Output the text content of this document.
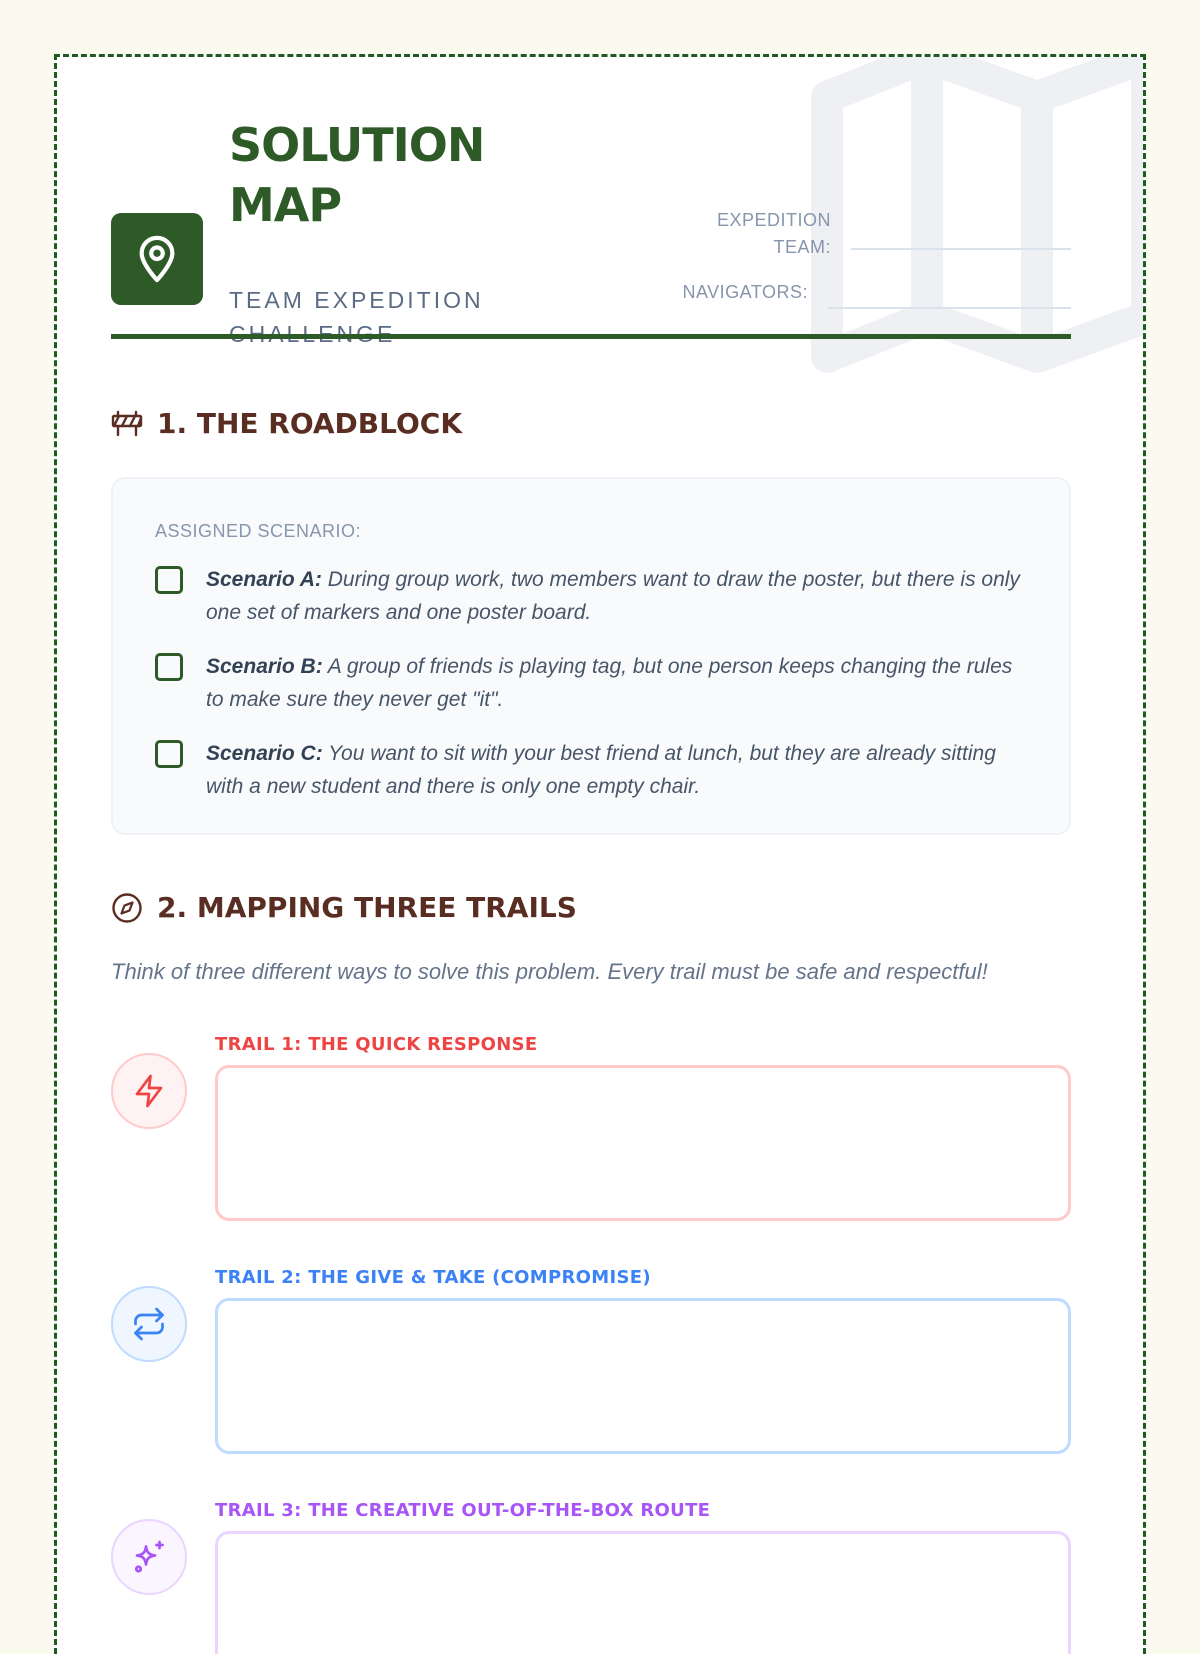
SOLUTION
MAP
TEAM EXPEDITION
EXPEDITION
TEAM:
NAVIGATORS:
1. THE ROADBLOCK
ASSIGNED SCENARIO:
Scenario A: During group work, two members want to draw the poster, but there is only one set of markers and one poster board.
Scenario B: A group of friends is playing tag, but one person keeps changing the rules to make sure they never get "it".
Scenario C: You want to sit with your best friend at lunch, but they are already sitting with a new student and there is only one empty chair.
2. MAPPING THREE TRAILS
Think of three different ways to solve this problem. Every trail must be safe and respectful!
TRAIL 1: THE QUICK RESPONSE
TRAIL 2: THE GIVE & TAKE (COMPROMISE)
TRAIL 3: THE CREATIVE OUT-OF-THE-BOX ROUTE
